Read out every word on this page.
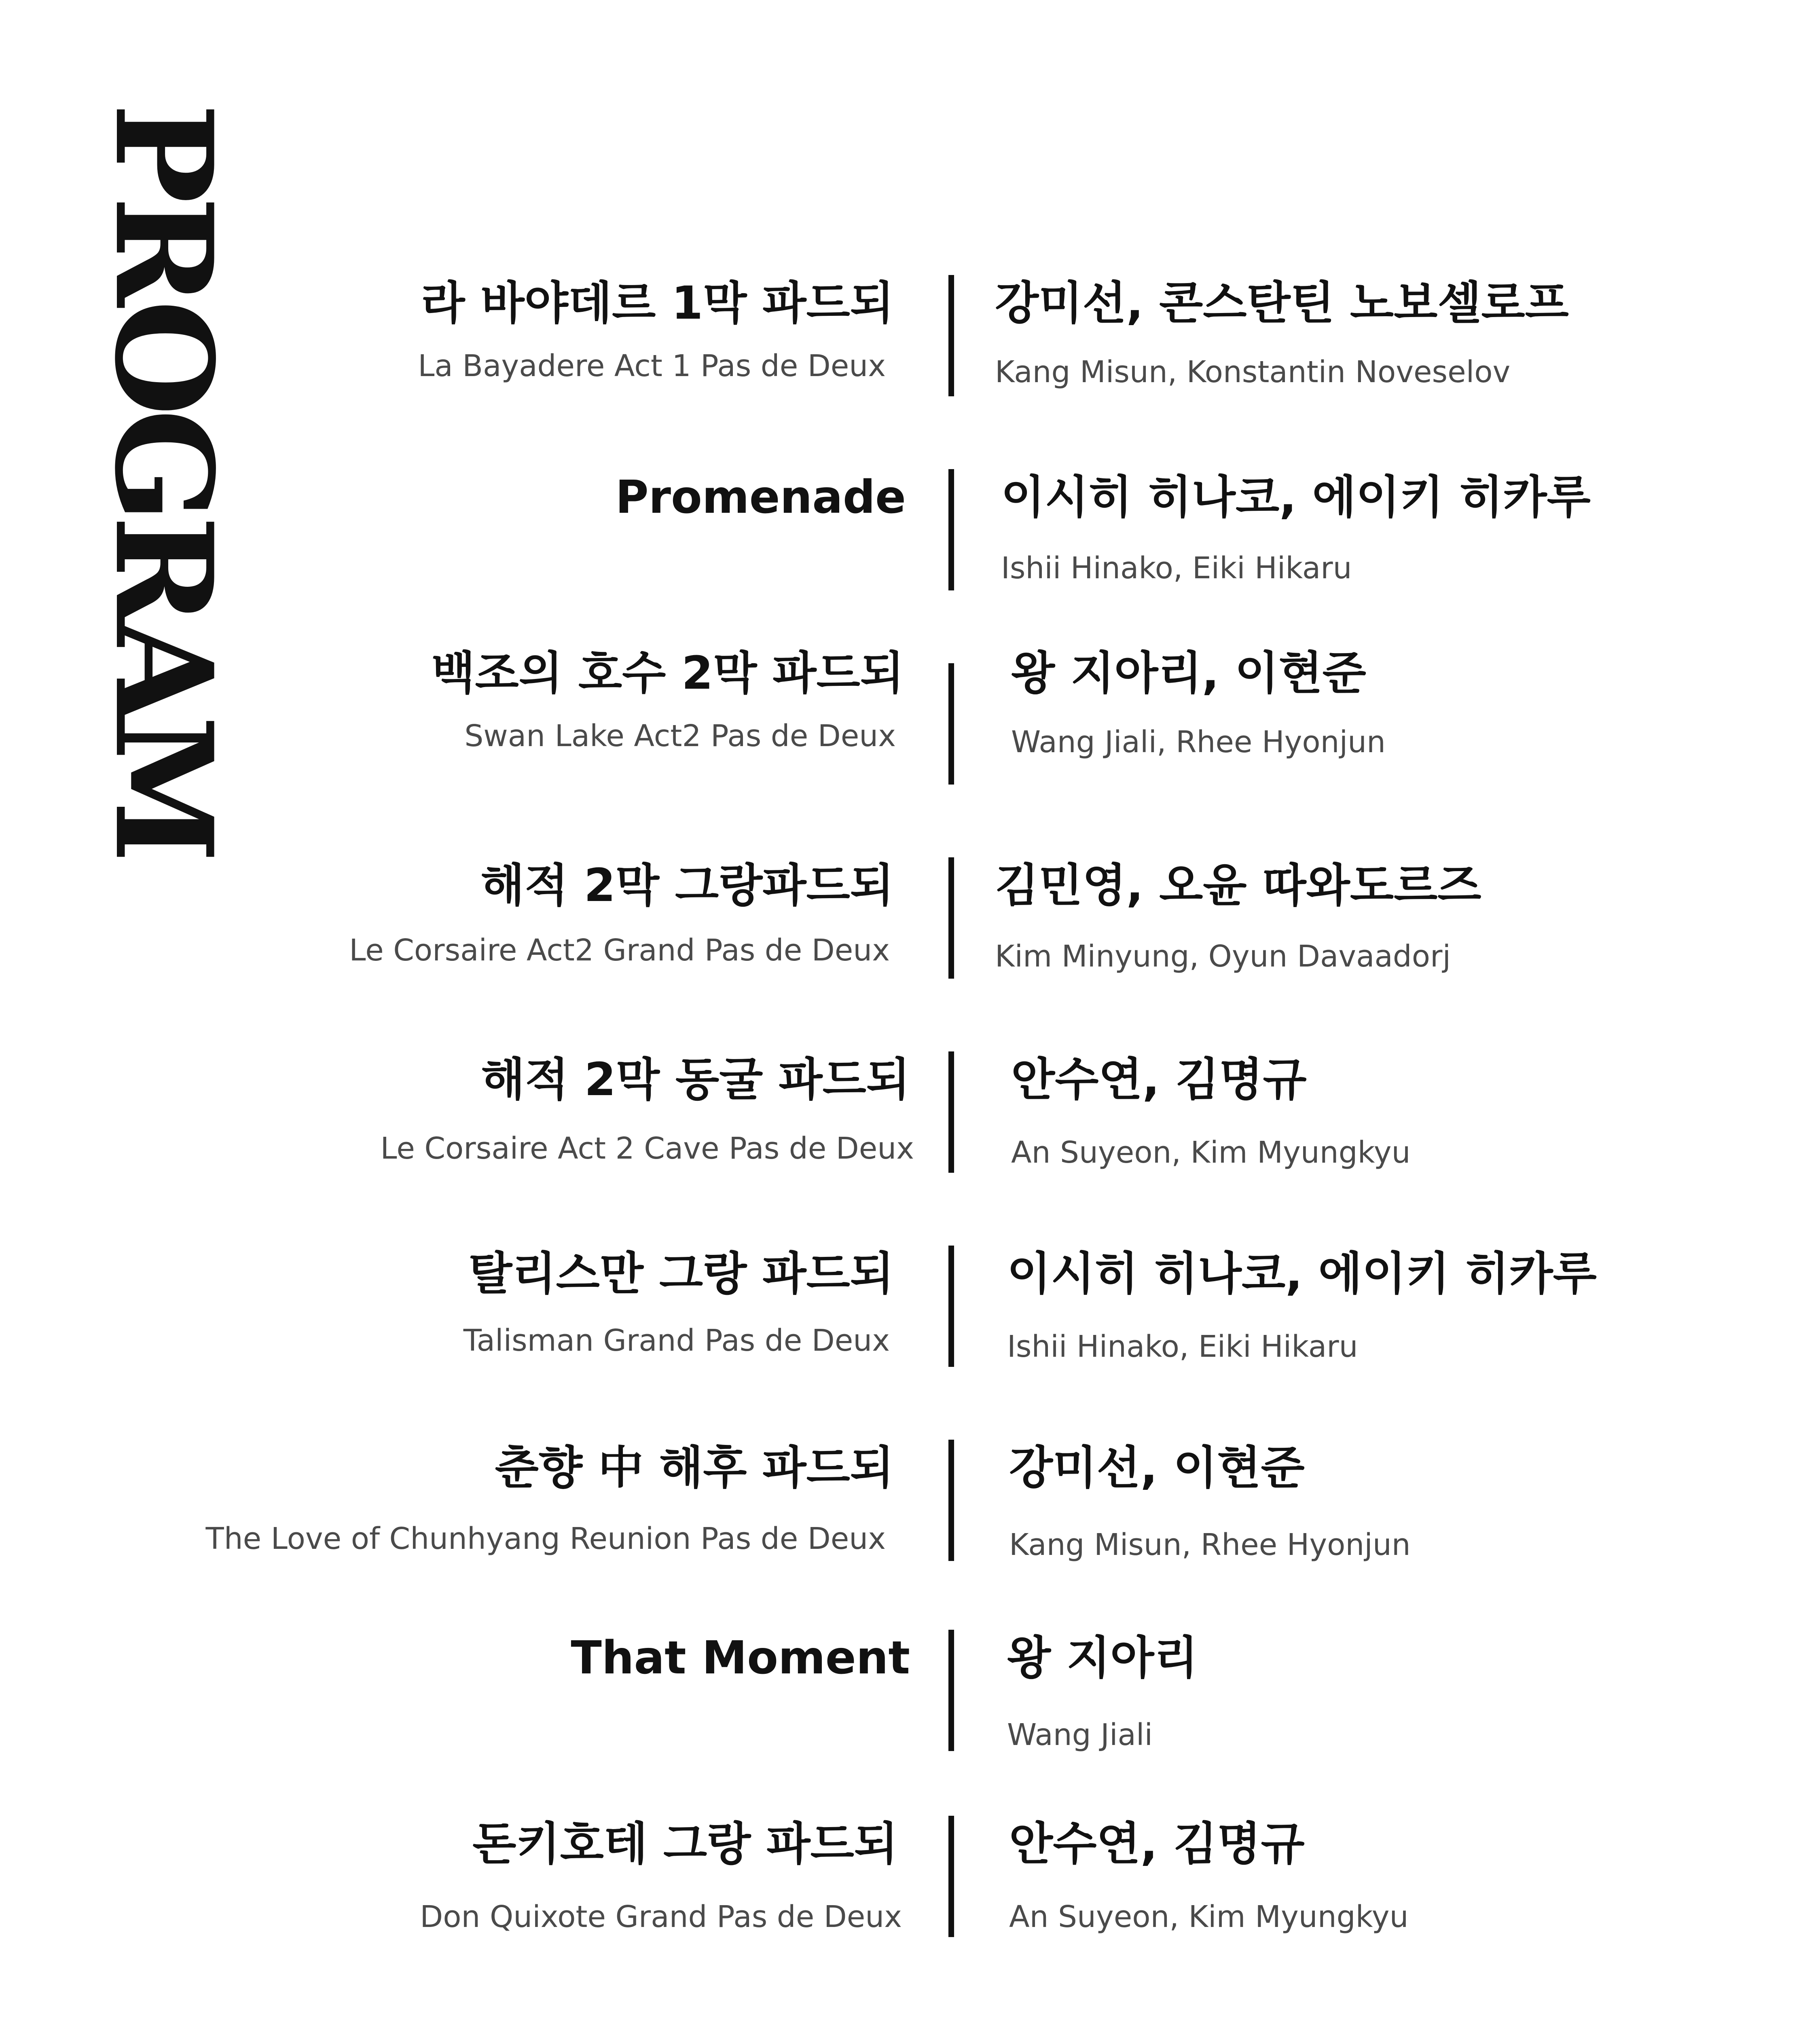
PROGRAM	라 바야데르 1막 파드되
La Bayadere Act 1 Pas de Deux
강미선, 콘스탄틴 노보셀로프
Kang Misun, Konstantin Noveselov
Promenade 이시히 히나코, 에이키 히카루
Ishii Hinako, Eiki Hikaru
백조의 호수 2막 파드되
Swan Lake Act2 Pas de Deux
왕 지아리, 이현준
Wang Jiali, Rhee Hyonjun
해적 2막 그랑파드되
Le Corsaire Act2 Grand Pas de Deux
김민영, 오윤 따와도르즈
Kim Minyung, Oyun Davaadorj
해적 2막 동굴 파드되
Le Corsaire Act 2 Cave Pas de Deux
안수연, 김명규
An Suyeon, Kim Myungkyu
탈리스만 그랑 파드되
Talisman Grand Pas de Deux
이시히 히나코, 에이키 히카루
Ishii Hinako, Eiki Hikaru
춘향 中 해후 파드되
The Love of Chunhyang Reunion Pas de Deux
강미선, 이현준
Kang Misun, Rhee Hyonjun
That Moment 왕 지아리
Wang Jiali
돈키호테 그랑 파드되
Don Quixote Grand Pas de Deux
안수연, 김명규
An Suyeon, Kim Myungkyu
